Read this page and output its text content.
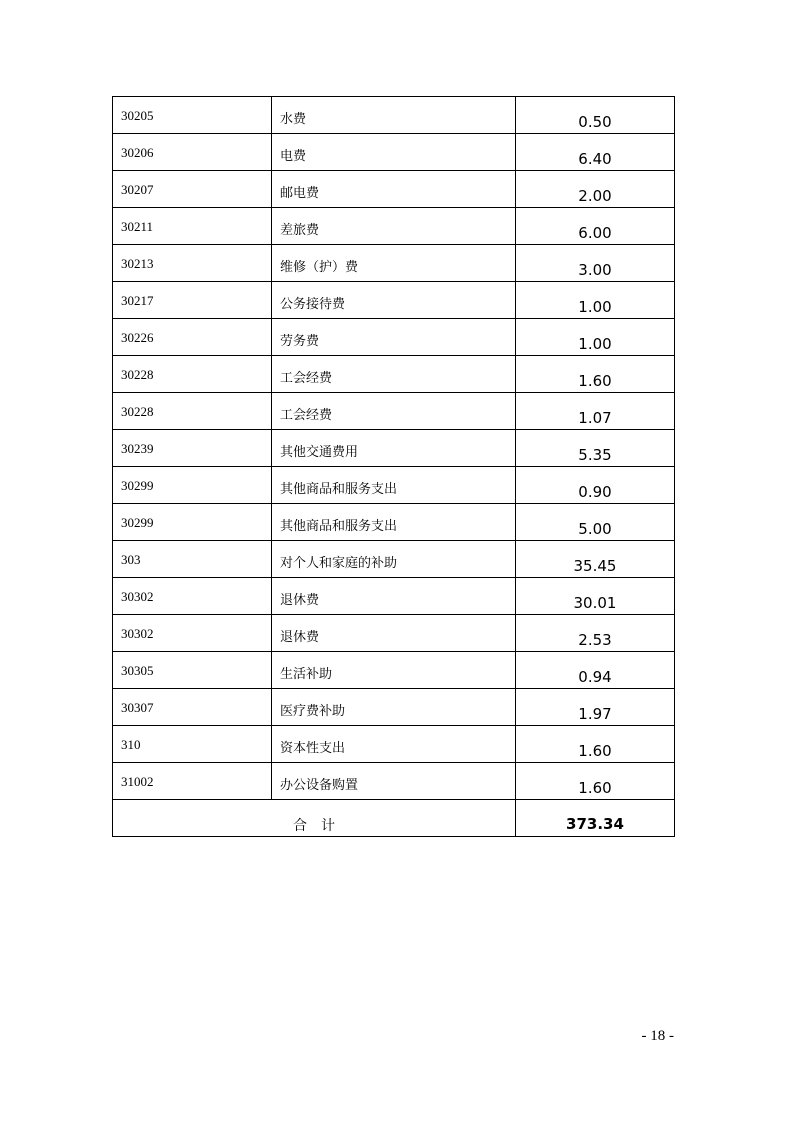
30205	水费	0.50
30206	电费	6.40
30207	邮电费	2.00
30211	差旅费	6.00
30213	维修（护）费	3.00
30217	公务接待费	1.00
30226	劳务费	1.00
30228	工会经费	1.60
30228	工会经费	1.07
30239	其他交通费用	5.35
30299	其他商品和服务支出	0.90
30299	其他商品和服务支出	5.00
303	对个人和家庭的补助	35.45
30302	退休费	30.01
30302	退休费	2.53
30305	生活补助	0.94
30307	医疗费补助	1.97
310	资本性支出	1.60
31002	办公设备购置	1.60
合计		373.34
- 18 -
